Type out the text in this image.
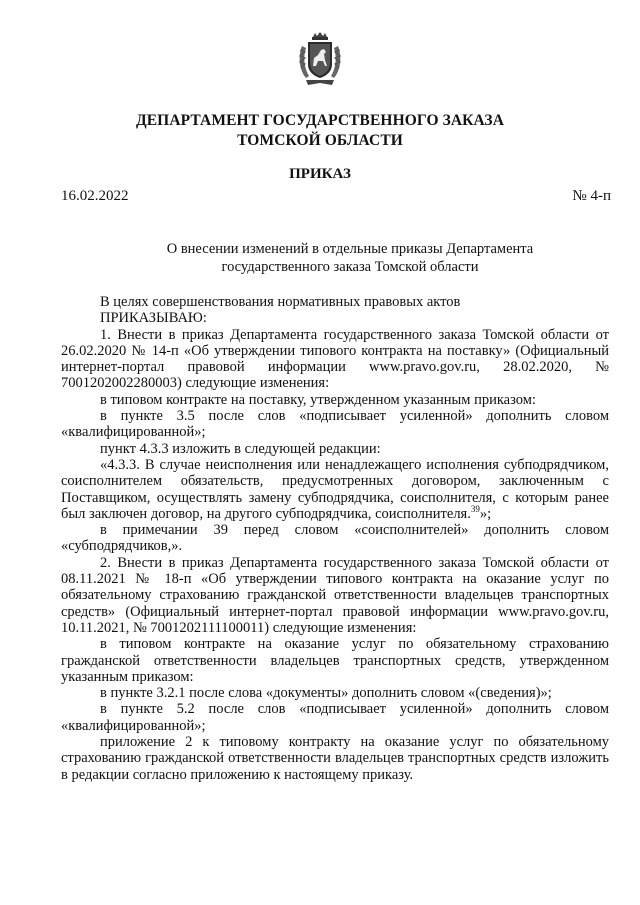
ДЕПАРТАМЕНТ ГОСУДАРСТВЕННОГО ЗАКАЗА
ТОМСКОЙ ОБЛАСТИ
ПРИКАЗ
16.02.2022	№ 4-п
О внесении изменений в отдельные приказы Департамента
государственного заказа Томской области

В целях совершенствования нормативных правовых актов

ПРИКАЗЫВАЮ:

1. Внести в приказ Департамента государственного заказа Томской области от 26.02.2020 № 14-п «Об утверждении типового контракта на поставку» (Официальный интернет-портал правовой информации www.pravo.gov.ru, 28.02.2020, № 7001202002280003) следующие изменения:

в типовом контракте на поставку, утвержденном указанным приказом:

в пункте 3.5 после слов «подписывает усиленной» дополнить словом «квалифицированной»;

пункт 4.3.3 изложить в следующей редакции:

«4.3.3. В случае неисполнения или ненадлежащего исполнения субподрядчиком, соисполнителем обязательств, предусмотренных договором, заключенным с Поставщиком, осуществлять замену субподрядчика, соисполнителя, с которым ранее был заключен договор, на другого субподрядчика, соисполнителя.$^{39}$»;

в примечании 39 перед словом «соисполнителей» дополнить словом «субподрядчиков,».

2. Внести в приказ Департамента государственного заказа Томской области от 08.11.2021 № 18-п «Об утверждении типового контракта на оказание услуг по обязательному страхованию гражданской ответственности владельцев транспортных средств» (Официальный интернет-портал правовой информации www.pravo.gov.ru, 10.11.2021, № 7001202111100011) следующие изменения:

в типовом контракте на оказание услуг по обязательному страхованию гражданской ответственности владельцев транспортных средств, утвержденном указанным приказом:

в пункте 3.2.1 после слова «документы» дополнить словом «(сведения)»;

в пункте 5.2 после слов «подписывает усиленной» дополнить словом «квалифицированной»;

приложение 2 к типовому контракту на оказание услуг по обязательному страхованию гражданской ответственности владельцев транспортных средств изложить в редакции согласно приложению к настоящему приказу.
